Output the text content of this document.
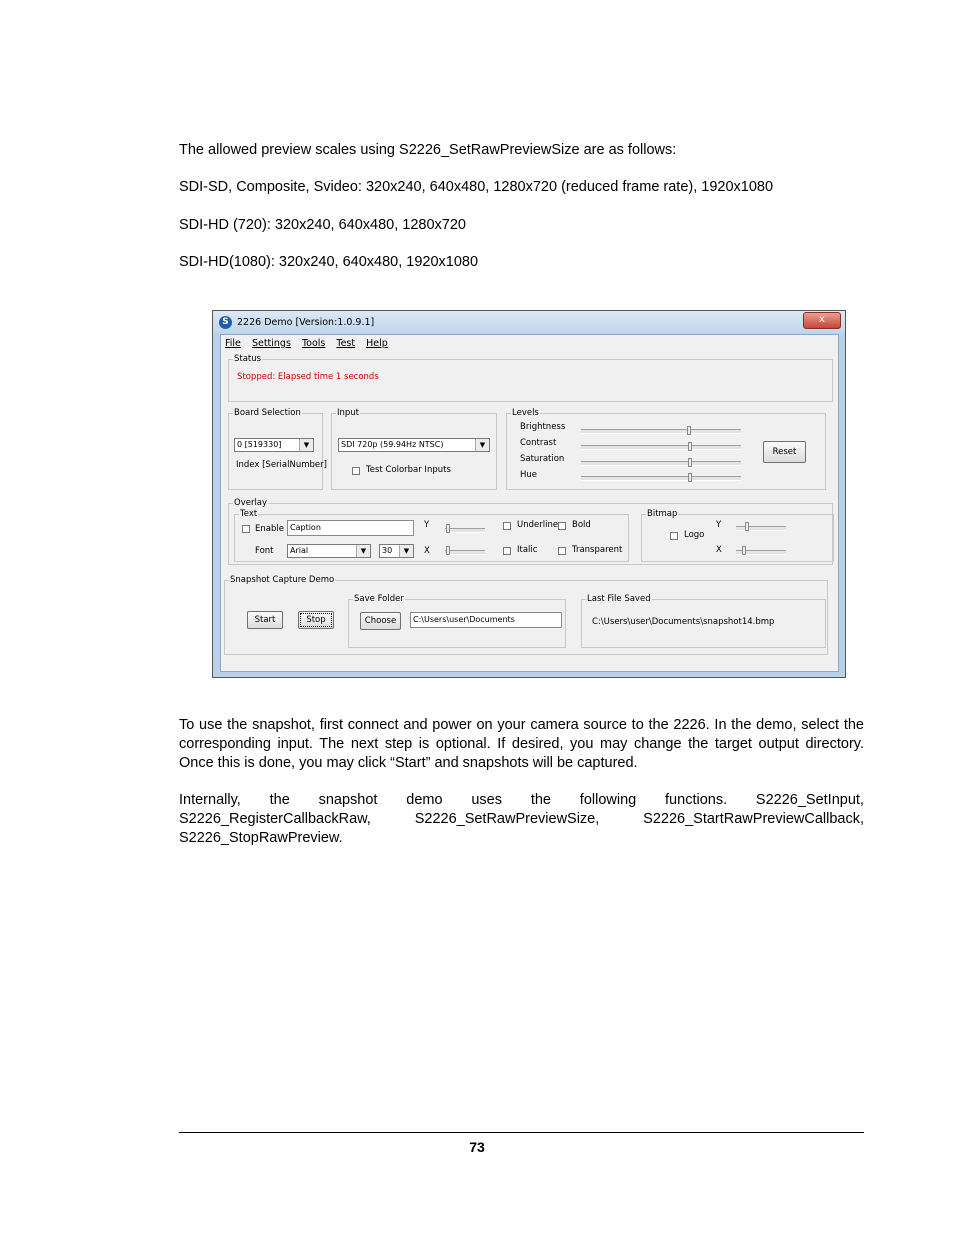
The allowed preview scales using S2226_SetRawPreviewSize are as follows:

SDI-SD, Composite, Svideo: 320x240, 640x480, 1280x720 (reduced frame rate), 1920x1080

SDI-HD (720): 320x240, 640x480, 1280x720

SDI-HD(1080): 320x240, 640x480, 1920x1080

S 2226 Demo [Version:1.0.9.1]	x
File Settings Tools Test Help
Status
Stopped: Elapsed time 1 seconds
Board Selection
0 [519330]	▼
Index [SerialNumber]
Input
SDI 720p (59.94Hz NTSC)	▼
Test Colorbar Inputs
Levels
Brightness
Contrast
Saturation
Hue
Reset
Overlay
Text
Enable Caption
Font	Arial	▼	30	▼
Y
X
Underline Bold
Italic	Transparent
Bitmap
Logo
Y
X
Snapshot Capture Demo
Start	Stop
Save Folder
Choose	C:\Users\user\Documents
Last File Saved
C:\Users\user\Documents\snapshot14.bmp

To use the snapshot, first connect and power on your camera source to the 2226. In the demo, select the corresponding input. The next step is optional. If desired, you may change the target output directory. Once this is done, you may click “Start” and snapshots will be captured.

Internally, the snapshot demo uses the following functions. S2226_SetInput,
S2226_RegisterCallbackRaw,	S2226_SetRawPreviewSize,	S2226_StartRawPreviewCallback,
S2226_StopRawPreview.
73
